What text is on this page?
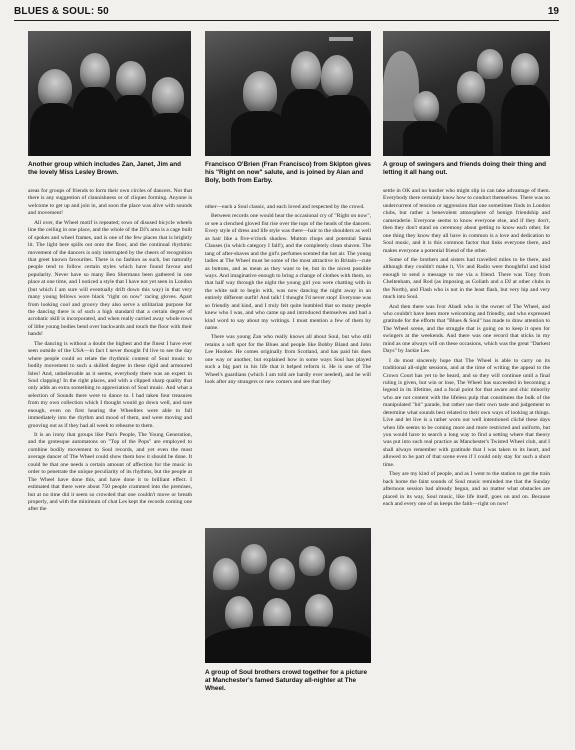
BLUES & SOUL: 50	19
Another group which includes Zan, Janet, Jim and the lovely Miss Lesley Brown.
Francisco O'Brien (Fran Francisco) from Skipton gives his "Right on now" salute, and is joined by Alan and Boly, both from Earby.
A group of swingers and friends doing their thing and letting it all hang out.
A group of Soul brothers crowd together for a picture at Manchester's famed Saturday all-nighter at The Wheel.

areas for groups of friends to form their own circles of dancers. Not that there is any suggestion of clannishness or of cliques forming. Anyone is welcome to get up and join in, and soon the place was alive with sounds and movement!

All over, the Wheel motif is repeated; rows of disused bicycle wheels line the ceiling in one place, and the whole of the DJ's area is a cage built of spokes and wheel frames, and is one of the few places that is brightly lit. The light here spills out onto the floor, and the continual rhythmic movement of the dancers is only interrupted by the cheers of recognition that greet known favourites. There is no fashion as such, but naturally people tend to follow certain styles which have found favour and popularity. Never have so many Ben Shermans been gathered in one place at one time, and I noticed a style that I have not yet seen in London (but which I am sure will eventually drift down this way) in that very many young fellows wore black "right on now" racing gloves. Apart from looking cool and groovy they also serve a utilitarian purpose for the dancing there is of such a high standard that a certain degree of acrobatic skill is incorporated, and when really carried away whole rows of lithe young bodies bend over backwards and touch the floor with their hands!

The dancing is without a doubt the highest and the finest I have ever seen outside of the USA—in fact I never thought I'd live to see the day where people could so relate the rhythmic content of Soul music to bodily movement to such a skilled degree in these rigid and armoured Isles! And, unbelievable as it seems, everybody there was an expert in Soul clapping! In the right places, and with a clipped sharp quality that only adds an extra something to appreciation of Soul music. And what a selection of Sounds there were to dance to. I had taken four treasures from my own collection which I thought would go down well, and sure enough, even on first hearing the Wheelites were able to fall immediately into the rhythm and mood of them, and were moving and grooving out as if they had all week to rehearse to them.

It is an irony that groups like Pan's People, The Young Generation, and the grotesque automatons on "Top of the Pops" are employed to combine bodily movement to Soul records, and yet even the most average dancer of The Wheel could show them how it should be done. It could be that one needs a certain amount of affection for the music in order to penetrate the unique peculiarity of its rhythms, but the people at The Wheel have done this, and have done it to brilliant effect. I estimated that there were about 750 people crammed into the premises, but at no time did it seem so crowded that one couldn't move or breath properly, and with the minimum of chat Les kept the records coming one after the

other—each a Soul classic, and each loved and respected by the crowd.

Between records one would hear the occasional cry of "Right on now", or see a clenched gloved fist rise over the tops of the heads of the dancers. Every style of dress and life style was there—hair to the shoulders as well as hair like a five-o'clock shadow. Mutton chops and potential Santa Clauses (in which category I fall!), and the completely clean shaven. The tang of after-shaves and the girl's perfumes scented the hot air. The young ladies at The Wheel must be some of the most attractive in Britain—cute as buttons, and as mean as they want to be, but in the nicest possible ways. And imaginative enough to bring a change of clothes with them, so that half way through the night the young girl you were chatting with in the white suit to begin with, was now dancing the night away in an entirely different outfit! And talk! I thought I'd never stop! Everyone was so friendly and kind, and I truly felt quite humbled that so many people knew who I was, and who came up and introduced themselves and had a kind word to say about my writings. I must mention a few of them by name.

There was young Zan who really knows all about Soul, but who still retains a soft spot for the Blues and people like Bobby Bland and John Lee Hooker. He comes originally from Scotland, and has paid his dues one way or another, but explained how in some ways Soul has played such a big part in his life that it helped reform it. He is one of The Wheel's guardians (which I am told are hardly ever needed), and he will look after any strangers or new comers and see that they

settle in OK and no hustler who might slip in can take advantage of them. Everybody there certainly know how to conduct themselves. There was no undercurrent of tension or aggression that one sometimes finds in London clubs, but rather a benevolent atmosphere of benign friendship and cameraderie. Everyone seems to know everyone else, and if they don't, then they don't stand on ceremony about getting to know each other, for one thing they know they all have in common is a love and dedication to Soul music, and it is this common factor that links everyone there, and makes everyone a potential friend of the other.

Some of the brothers and sisters had travelled miles to be there, and although they couldn't make it, Viv and Radio were thoughtful and kind enough to send a message to me via a friend. There was Tony from Cheltenham, and Rod (as imposing as Goliath and a DJ at other clubs in the North), and Flash who is not in the least flash, but very hip and very much into Soul.

And then there was Ivor Abadi who is the owner of The Wheel, and who couldn't have been more welcoming and friendly, and who expressed gratitude for the efforts that "Blues & Soul" has made to draw attention to The Wheel scene, and the struggle that is going on to keep it open for swingers at the weekends. And there was one record that sticks in my mind as one always will on these occasions, which was the great "Darkest Days" by Jackie Lee.

I do most sincerely hope that The Wheel is able to carry on its traditional all-night sessions, and at the time of writing the appeal to the Crown Court has yet to be heard, and so they will continue until a final ruling is given, but win or lose, The Wheel has succeeded in becoming a legend in its lifetime, and a focal point for that aware and chic minority who are not content with the lifeless pulp that constitutes the bulk of the manipulated "hit" parade, but rather use their own taste and judgement to determine what sounds best related to their own ways of looking at things. Live and let live is a rather worn out well intentioned cliché these days when life seems to be coming more and more restricted and uniform, but you would have to search a long way to find a setting where that theory was put into such real practice as Manchester's Twisted Wheel club, and I shall always remember with gratitude that I was taken to its heart, and allowed to be part of that scene even if I could only stay for such a short time.

They are my kind of people, and as I went to the station to get the train back home the faint sounds of Soul music reminded me that the Sunday afternoon session had already begun, and no matter what obstacles are placed in its way, Soul music, like life itself, goes on and on. Because each and every one of us keeps the faith—right on now!
